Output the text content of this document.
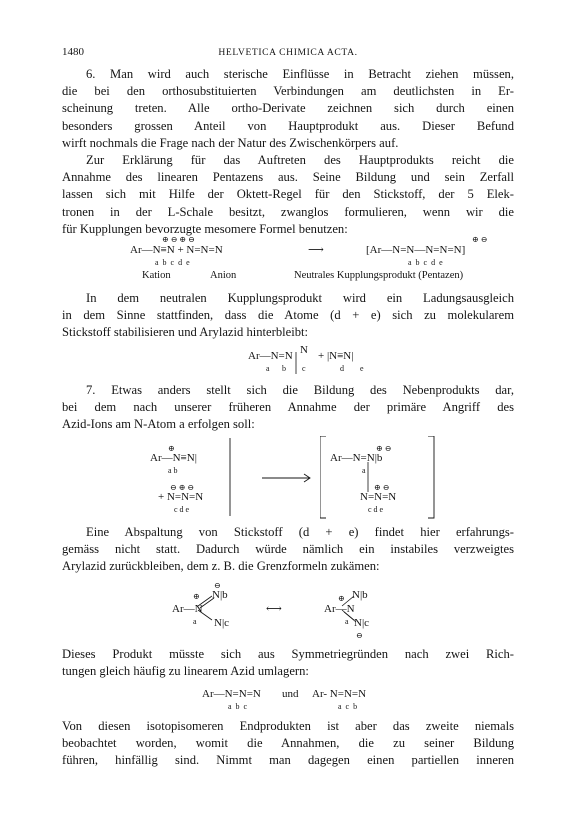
1480	HELVETICA CHIMICA ACTA.
6. Man wird auch sterische Einflüsse in Betracht ziehen müssen,
die bei den orthosubstituierten Verbindungen am deutlichsten in Er-
scheinung treten. Alle ortho-Derivate zeichnen sich durch einen
besonders grossen Anteil von Hauptprodukt aus. Dieser Befund
wirft nochmals die Frage nach der Natur des Zwischenkörpers auf.
Zur Erklärung für das Auftreten des Hauptprodukts reicht die
Annahme des linearen Pentazens aus. Seine Bildung und sein Zerfall
lassen sich mit Hilfe der Oktett-Regel für den Stickstoff, der 5 Elek-
tronen in der L-Schale besitzt, zwanglos formulieren, wenn wir die
für Kupplungen bevorzugte mesomere Formel benutzen:
⊕ ⊖ ⊕ ⊖
Ar—N≡N + N=N=N
a b c d e
⟶
⊕ ⊖
[Ar—N=N—N=N=N]
a b c d e
Kation	Anion	Neutrales Kupplungsprodukt (Pentazen)
In dem neutralen Kupplungsprodukt wird ein Ladungsausgleich
in dem Sinne stattfinden, dass die Atome (d + e) sich zu molekularem
Stickstoff stabilisieren und Arylazid hinterbleibt:
Ar—N=N N + |N≡N|
a b c	d e
7. Etwas anders stellt sich die Bildung des Nebenprodukts dar,
bei dem nach unserer früheren Annahme der primäre Angriff des
Azid-Ions am N-Atom a erfolgen soll:
⊕
Ar—N≡N|
a b
⊖ ⊕ ⊖
+ N=N=N
c d e
⊕ ⊖
Ar—N=N|b
a
⊕ ⊖
N=N=N
c d e
Eine Abspaltung von Stickstoff (d + e) findet hier erfahrungs-
gemäss nicht statt. Dadurch würde nämlich ein instabiles verzweigtes
Arylazid zurückbleiben, dem z. B. die Grenzformeln zukämen:
⊖
N|b
⊕
Ar—N
a N|c
⟷
N|b
⊕
Ar—N
a N|c
⊖
Dieses Produkt müsste sich aus Symmetriegründen nach zwei Rich-
tungen gleich häufig zu linearem Azid umlagern:
Ar—N=N=N
a b c
und Ar- N=N=N
a c b
Von diesen isotopisomeren Endprodukten ist aber das zweite niemals
beobachtet worden, womit die Annahmen, die zu seiner Bildung
führen, hinfällig sind. Nimmt man dagegen einen partiellen inneren
